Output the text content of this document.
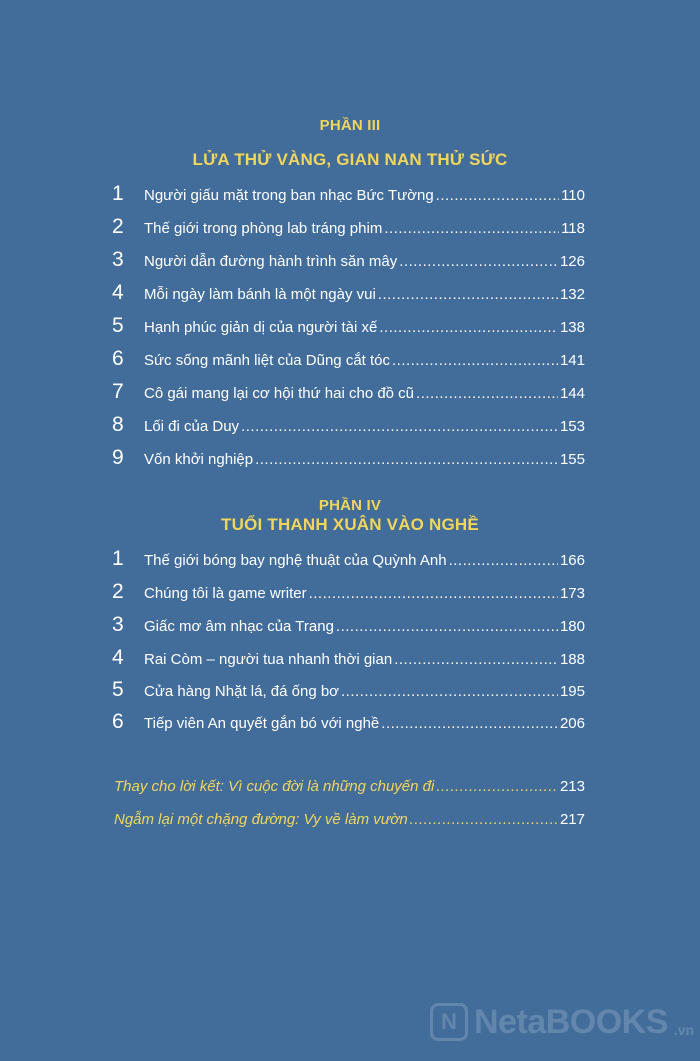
PHẦN III
LỬA THỬ VÀNG, GIAN NAN THỬ SỨC
1	Người giấu mặt trong ban nhạc Bức Tường .....	110
2	Thế giới trong phòng lab tráng phim .....	118
3	Người dẫn đường hành trình săn mây .....	126
4	Mỗi ngày làm bánh là một ngày vui .....	132
5	Hạnh phúc giản dị của người tài xế .....	138
6	Sức sống mãnh liệt của Dũng cắt tóc .....	141
7	Cô gái mang lại cơ hội thứ hai cho đồ cũ .....	144
8	Lối đi của Duy .....	153
9	Vốn khởi nghiệp .....	155
PHẦN IV
TUỔI THANH XUÂN VÀO NGHỀ
1	Thế giới bóng bay nghệ thuật của Quỳnh Anh .....	166
2	Chúng tôi là game writer .....	173
3	Giấc mơ âm nhạc của Trang .....	180
4	Rai Còm – người tua nhanh thời gian .....	188
5	Cửa hàng Nhặt lá, đá ống bơ .....	195
6	Tiếp viên An quyết gắn bó với nghề .....	206
Thay cho lời kết: Vì cuộc đời là những chuyến đi .....	213
Ngẫm lại một chặng đường: Vy về làm vườn .....	217
N NetaBOOKS .vn
